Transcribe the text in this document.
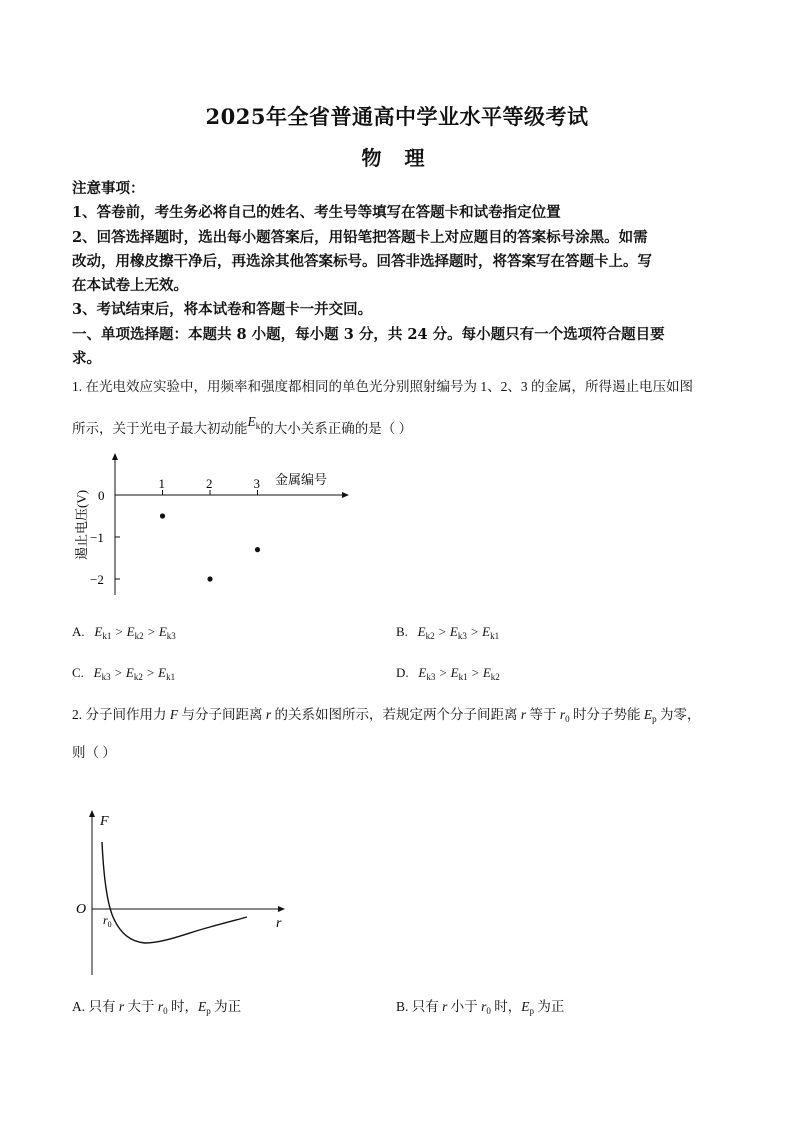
2025年全省普通高中学业水平等级考试
物 理
注意事项：
1、答卷前，考生务必将自己的姓名、考生号等填写在答题卡和试卷指定位置
2、回答选择题时，选出每小题答案后，用铅笔把答题卡上对应题目的答案标号涂黑。如需
改动，用橡皮擦干净后，再选涂其他答案标号。回答非选择题时，将答案写在答题卡上。写
在本试卷上无效。
3、考试结束后，将本试卷和答题卡一并交回。
一、单项选择题：本题共 8 小题，每小题 3 分，共 24 分。每小题只有一个选项符合题目要
求。
1. 在光电效应实验中，用频率和强度都相同的单色光分别照射编号为 1、2、3 的金属，所得遏止电压如图
所示，关于光电子最大初动能$E_k$的大小关系正确的是（ ）
1	2	3
0
−1
−2
金属编号
遏止电压(V)
A. $E_{k1} > E_{k2} > E_{k3}$	B. $E_{k2} > E_{k3} > E_{k1}$
C. $E_{k3} > E_{k2} > E_{k1}$	D. $E_{k3} > E_{k1} > E_{k2}$
2. 分子间作用力 F 与分子间距离 r 的关系如图所示，若规定两个分子间距离 r 等于 $r_0$ 时分子势能 $E_p$ 为零，
则（ ）
F
O
r
$r_0$
A. 只有 r 大于 $r_0$ 时，$E_p$ 为正	B. 只有 r 小于 $r_0$ 时，$E_p$ 为正
